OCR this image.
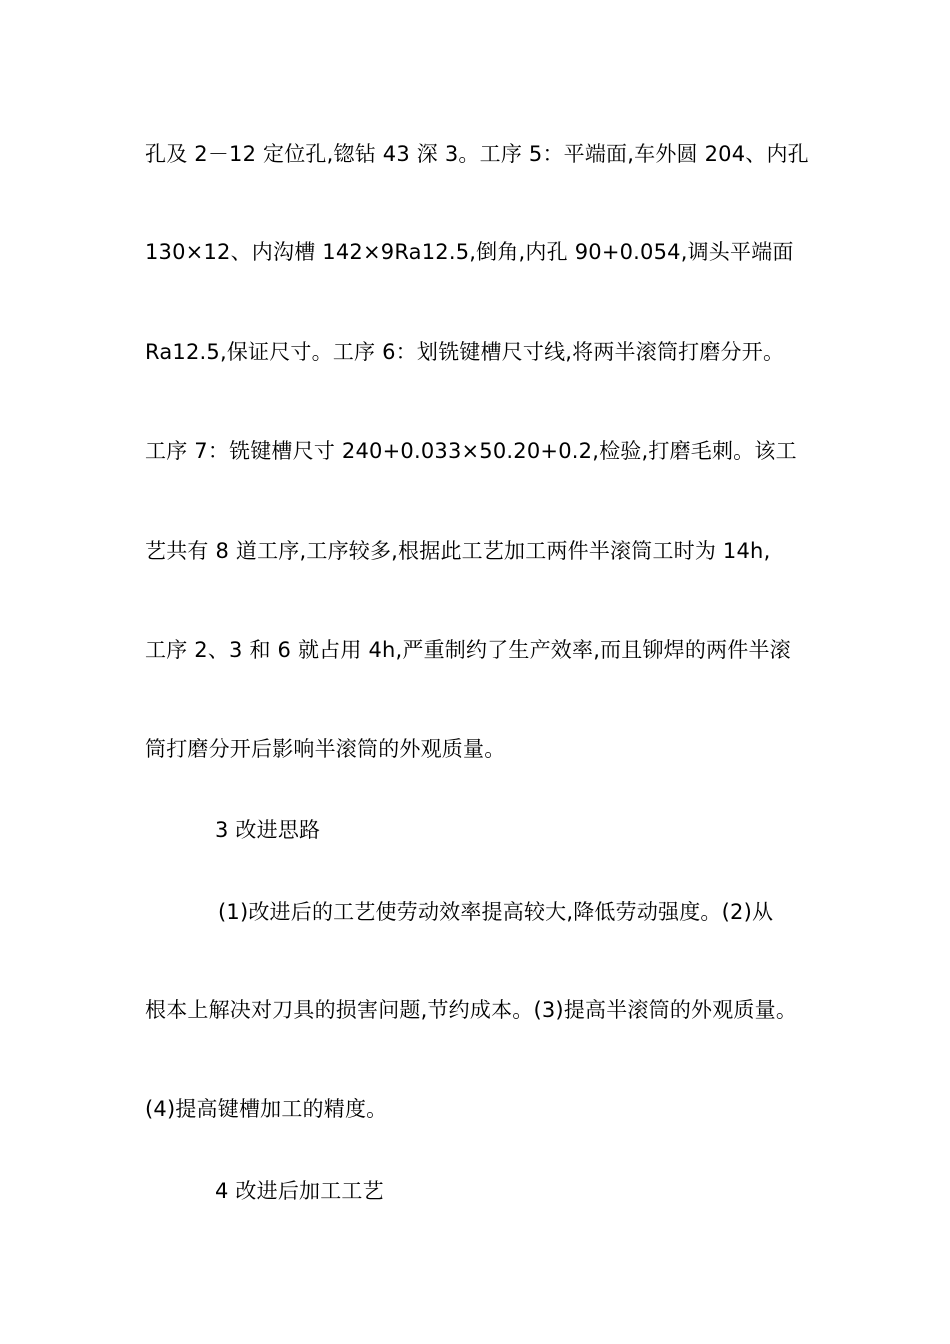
孔及 2－12 定位孔,锪钻 43 深 3。工序 5：平端面,车外圆 204、内孔
130×12、内沟槽 142×9Ra12.5,倒角,内孔 90+0.054,调头平端面
Ra12.5,保证尺寸。工序 6：划铣键槽尺寸线,将两半滚筒打磨分开。
工序 7：铣键槽尺寸 240+0.033×50.20+0.2,检验,打磨毛刺。该工
艺共有 8 道工序,工序较多,根据此工艺加工两件半滚筒工时为 14h,
工序 2、3 和 6 就占用 4h,严重制约了生产效率,而且铆焊的两件半滚
筒打磨分开后影响半滚筒的外观质量。
3 改进思路
(1)改进后的工艺使劳动效率提高较大,降低劳动强度。(2)从
根本上解决对刀具的损害问题,节约成本。(3)提高半滚筒的外观质量。
(4)提高键槽加工的精度。
4 改进后加工工艺
